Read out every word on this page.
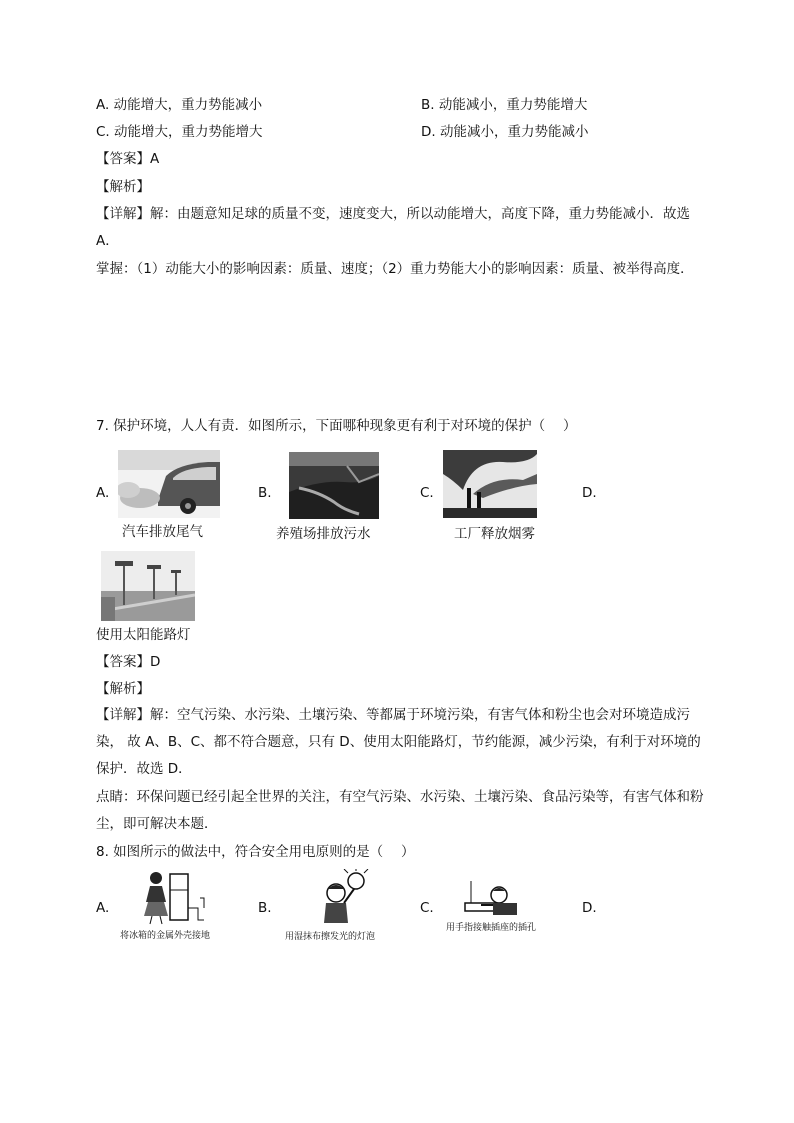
A. 动能增大，重力势能减小	B. 动能减小，重力势能增大
C. 动能增大，重力势能增大	D. 动能减小，重力势能减小
【答案】A
【解析】
【详解】解：由题意知足球的质量不变，速度变大，所以动能增大，高度下降，重力势能减小．故选 A．
掌握：（1）动能大小的影响因素：质量、速度；（2）重力势能大小的影响因素：质量、被举得高度．
7. 保护环境，人人有责．如图所示，下面哪种现象更有利于对环境的保护（　 ）
A.
汽车排放尾气
B.
养殖场排放污水
C.
工厂释放烟雾
D.
使用太阳能路灯
【答案】D
【解析】
【详解】解：空气污染、水污染、土壤污染、等都属于环境污染，有害气体和粉尘也会对环境造成污染， 故 A、B、C、都不符合题意，只有 D、使用太阳能路灯，节约能源，减少污染，有利于对环境的保护．故选 D．
点睛：环保问题已经引起全世界的关注，有空气污染、水污染、土壤污染、食品污染等，有害气体和粉尘，即可解决本题．
8. 如图所示的做法中，符合安全用电原则的是（　 ）
A.
将冰箱的金属外壳接地
B.
用湿抹布擦发光的灯泡
C.
用手指接触插座的插孔
D.
